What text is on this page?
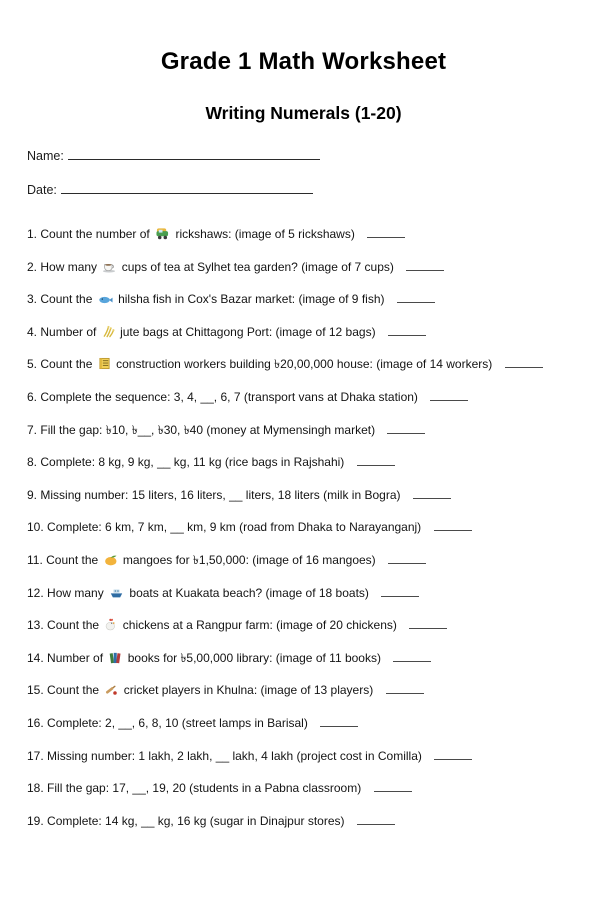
Grade 1 Math Worksheet
Writing Numerals (1-20)
Name:
Date:
1. Count the number of rickshaws: (image of 5 rickshaws)
2. How many cups of tea at Sylhet tea garden? (image of 7 cups)
3. Count the hilsha fish in Cox's Bazar market: (image of 9 fish)
4. Number of jute bags at Chittagong Port: (image of 12 bags)
5. Count the construction workers building ৳20,00,000 house: (image of 14 workers)
6. Complete the sequence: 3, 4, __, 6, 7 (transport vans at Dhaka station)
7. Fill the gap: ৳10, ৳__, ৳30, ৳40 (money at Mymensingh market)
8. Complete: 8 kg, 9 kg, __ kg, 11 kg (rice bags in Rajshahi)
9. Missing number: 15 liters, 16 liters, __ liters, 18 liters (milk in Bogra)
10. Complete: 6 km, 7 km, __ km, 9 km (road from Dhaka to Narayanganj)
11. Count the mangoes for ৳1,50,000: (image of 16 mangoes)
12. How many boats at Kuakata beach? (image of 18 boats)
13. Count the chickens at a Rangpur farm: (image of 20 chickens)
14. Number of books for ৳5,00,000 library: (image of 11 books)
15. Count the cricket players in Khulna: (image of 13 players)
16. Complete: 2, __, 6, 8, 10 (street lamps in Barisal)
17. Missing number: 1 lakh, 2 lakh, __ lakh, 4 lakh (project cost in Comilla)
18. Fill the gap: 17, __, 19, 20 (students in a Pabna classroom)
19. Complete: 14 kg, __ kg, 16 kg (sugar in Dinajpur stores)
